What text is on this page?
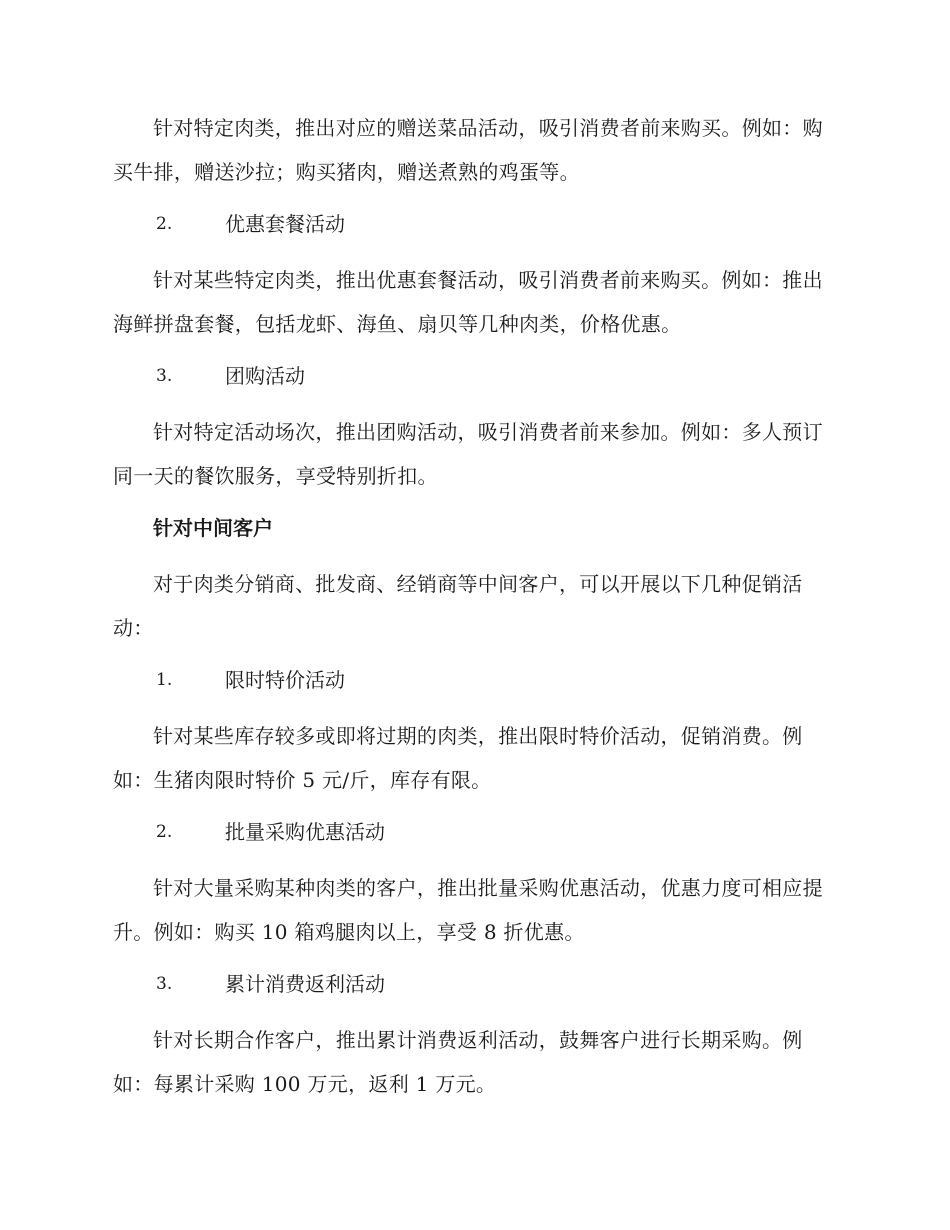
针对特定肉类，推出对应的赠送菜品活动，吸引消费者前来购买。例如：购买牛排，赠送沙拉；购买猪肉，赠送煮熟的鸡蛋等。

2.	优惠套餐活动

针对某些特定肉类，推出优惠套餐活动，吸引消费者前来购买。例如：推出海鲜拼盘套餐，包括龙虾、海鱼、扇贝等几种肉类，价格优惠。

3.	团购活动

针对特定活动场次，推出团购活动，吸引消费者前来参加。例如：多人预订同一天的餐饮服务，享受特别折扣。

针对中间客户

对于肉类分销商、批发商、经销商等中间客户，可以开展以下几种促销活动：

1.	限时特价活动

针对某些库存较多或即将过期的肉类，推出限时特价活动，促销消费。例如：生猪肉限时特价 5 元/斤，库存有限。

2.	批量采购优惠活动

针对大量采购某种肉类的客户，推出批量采购优惠活动，优惠力度可相应提升。例如：购买 10 箱鸡腿肉以上，享受 8 折优惠。

3.	累计消费返利活动

针对长期合作客户，推出累计消费返利活动，鼓舞客户进行长期采购。例如：每累计采购 100 万元，返利 1 万元。
